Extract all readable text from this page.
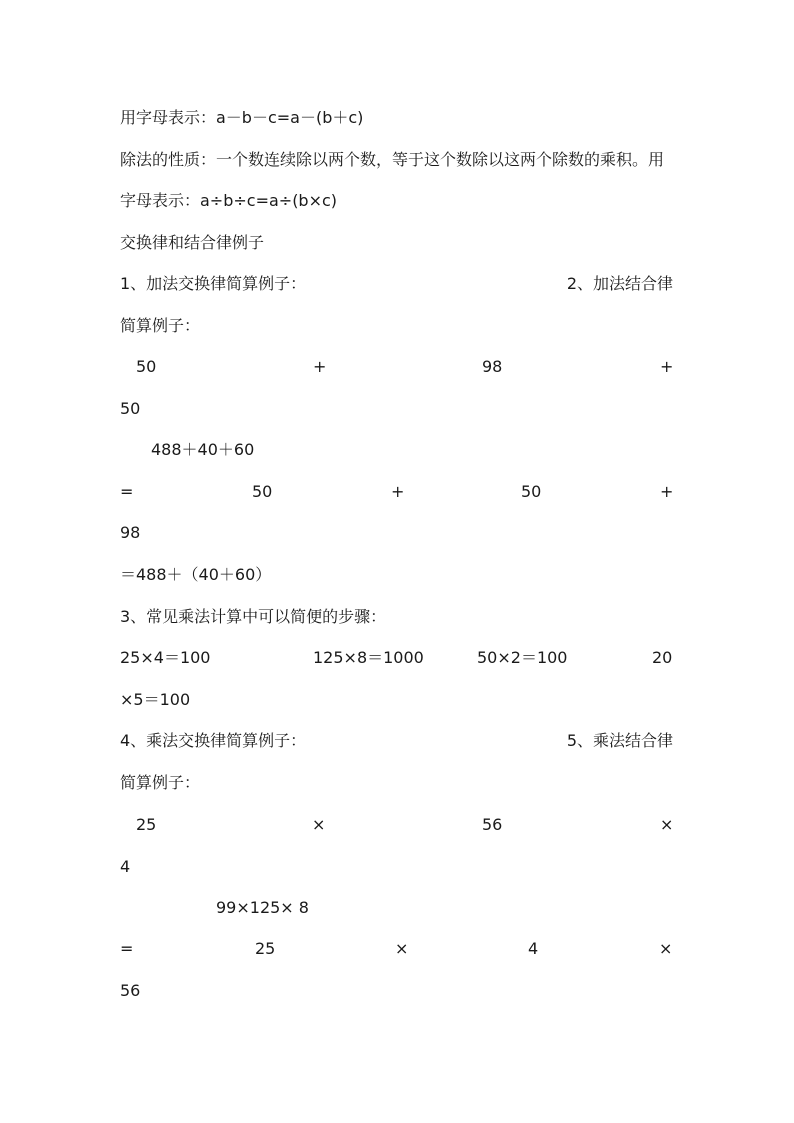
用字母表示：a－b－c=a－(b＋c)
除法的性质：一个数连续除以两个数，等于这个数除以这两个除数的乘积。用
字母表示：a÷b÷c=a÷(b×c)
交换律和结合律例子
1、加法交换律简算例子：	2、加法结合律
简算例子：
50	+	98	+
50
488＋40＋60
=	50	+	50	+
98
＝488＋（40＋60）
3、常见乘法计算中可以简便的步骤：
25×4＝100	125×8＝1000	50×2＝100	20
×5＝100
4、乘法交换律简算例子：	5、乘法结合律
简算例子：
25	×	56	×
4
99×125× 8
=	25	×	4	×
56
